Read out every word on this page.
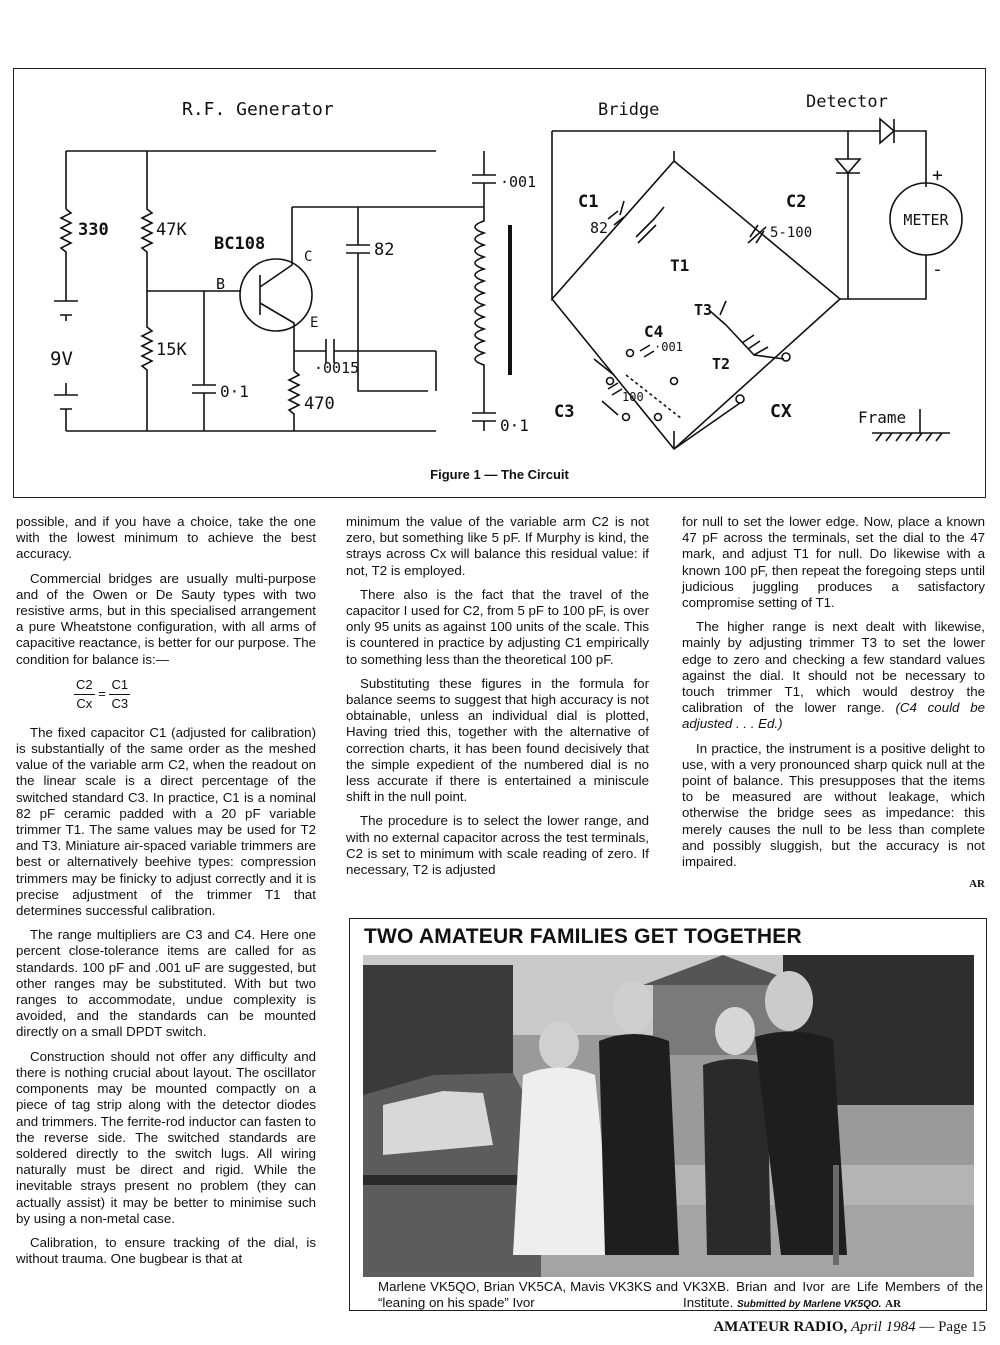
R.F. Generator	Bridge	Detector
330
9V
47K
15K
0·1
BC108
B
C
E
82
·0015
470
·001
0·1
C1
82
T1
C2
5-100
METER
+
-
T3
T2
CX
C4
·001
C3
100
Frame
Figure 1 — The Circuit

possible, and if you have a choice, take the one with the lowest minimum to achieve the best accuracy.

Commercial bridges are usually multi-purpose and of the Owen or De Sauty types with two resistive arms, but in this specialised arrangement a pure Wheatstone configuration, with all arms of capacitive reactance, is better for our purpose. The condition for balance is:—

$\frac{C2}{Cx} = \frac{C1}{C3}$

The fixed capacitor C1 (adjusted for calibration) is substantially of the same order as the meshed value of the variable arm C2, when the readout on the linear scale is a direct percentage of the switched standard C3. In practice, C1 is a nominal 82 pF ceramic padded with a 20 pF variable trimmer T1. The same values may be used for T2 and T3. Miniature air-spaced variable trimmers are best or alternatively beehive types: compression trimmers may be finicky to adjust correctly and it is precise adjustment of the trimmer T1 that determines successful calibration.

The range multipliers are C3 and C4. Here one percent close-tolerance items are called for as standards. 100 pF and .001 uF are suggested, but other ranges may be substituted. With but two ranges to accommodate, undue complexity is avoided, and the standards can be mounted directly on a small DPDT switch.

Construction should not offer any difficulty and there is nothing crucial about layout. The oscillator components may be mounted compactly on a piece of tag strip along with the detector diodes and trimmers. The ferrite-rod inductor can fasten to the reverse side. The switched standards are soldered directly to the switch lugs. All wiring naturally must be direct and rigid. While the inevitable strays present no problem (they can actually assist) it may be better to minimise such by using a non-metal case.

Calibration, to ensure tracking of the dial, is without trauma. One bugbear is that at

minimum the value of the variable arm C2 is not zero, but something like 5 pF. If Murphy is kind, the strays across Cx will balance this residual value: if not, T2 is employed.

There also is the fact that the travel of the capacitor I used for C2, from 5 pF to 100 pF, is over only 95 units as against 100 units of the scale. This is countered in practice by adjusting C1 empirically to something less than the theoretical 100 pF.

Substituting these figures in the formula for balance seems to suggest that high accuracy is not obtainable, unless an individual dial is plotted, Having tried this, together with the alternative of correction charts, it has been found decisively that the simple expedient of the numbered dial is no less accurate if there is entertained a miniscule shift in the null point.

The procedure is to select the lower range, and with no external capacitor across the test terminals, C2 is set to minimum with scale reading of zero. If necessary, T2 is adjusted

for null to set the lower edge. Now, place a known 47 pF across the terminals, set the dial to the 47 mark, and adjust T1 for null. Do likewise with a known 100 pF, then repeat the foregoing steps until judicious juggling produces a satisfactory compromise setting of T1.

The higher range is next dealt with likewise, mainly by adjusting trimmer T3 to set the lower edge to zero and checking a few standard values against the dial. It should not be necessary to touch trimmer T1, which would destroy the calibration of the lower range. (C4 could be adjusted . . . Ed.)

In practice, the instrument is a positive delight to use, with a very pronounced sharp quick null at the point of balance. This presupposes that the items to be measured are without leakage, which otherwise the bridge sees as impedance: this merely causes the null to be less than complete and possibly sluggish, but the accuracy is not impaired.

AR
TWO AMATEUR FAMILIES GET TOGETHER
Marlene VK5QO, Brian VK5CA, Mavis VK3KS and “leaning on his spade” Ivor
VK3XB. Brian and Ivor are Life Members of the Institute. Submitted by Marlene VK5QO. AR
AMATEUR RADIO, April 1984 — Page 15
